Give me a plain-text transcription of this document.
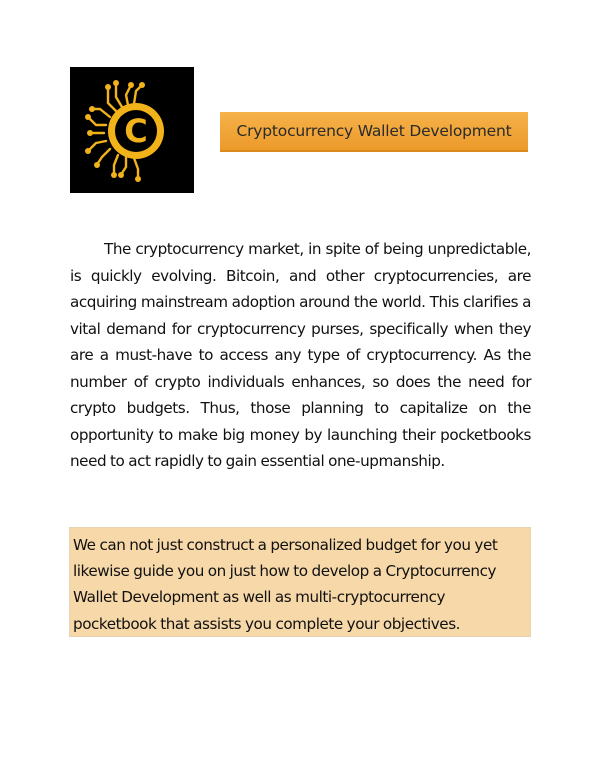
C	Cryptocurrency Wallet Development

The cryptocurrency market, in spite of being unpredictable, is quickly evolving. Bitcoin, and other cryptocurrencies, are acquiring mainstream adoption around the world. This clarifies a vital demand for cryptocurrency purses, specifically when they are a must-have to access any type of cryptocurrency. As the number of crypto individuals enhances, so does the need for crypto budgets. Thus, those planning to capitalize on the opportunity to make big money by launching their pocketbooks need to act rapidly to gain essential one-upmanship.

We can not just construct a personalized budget for you yet likewise guide you on just how to develop a Cryptocurrency Wallet Development as well as multi-cryptocurrency pocketbook that assists you complete your objectives.
